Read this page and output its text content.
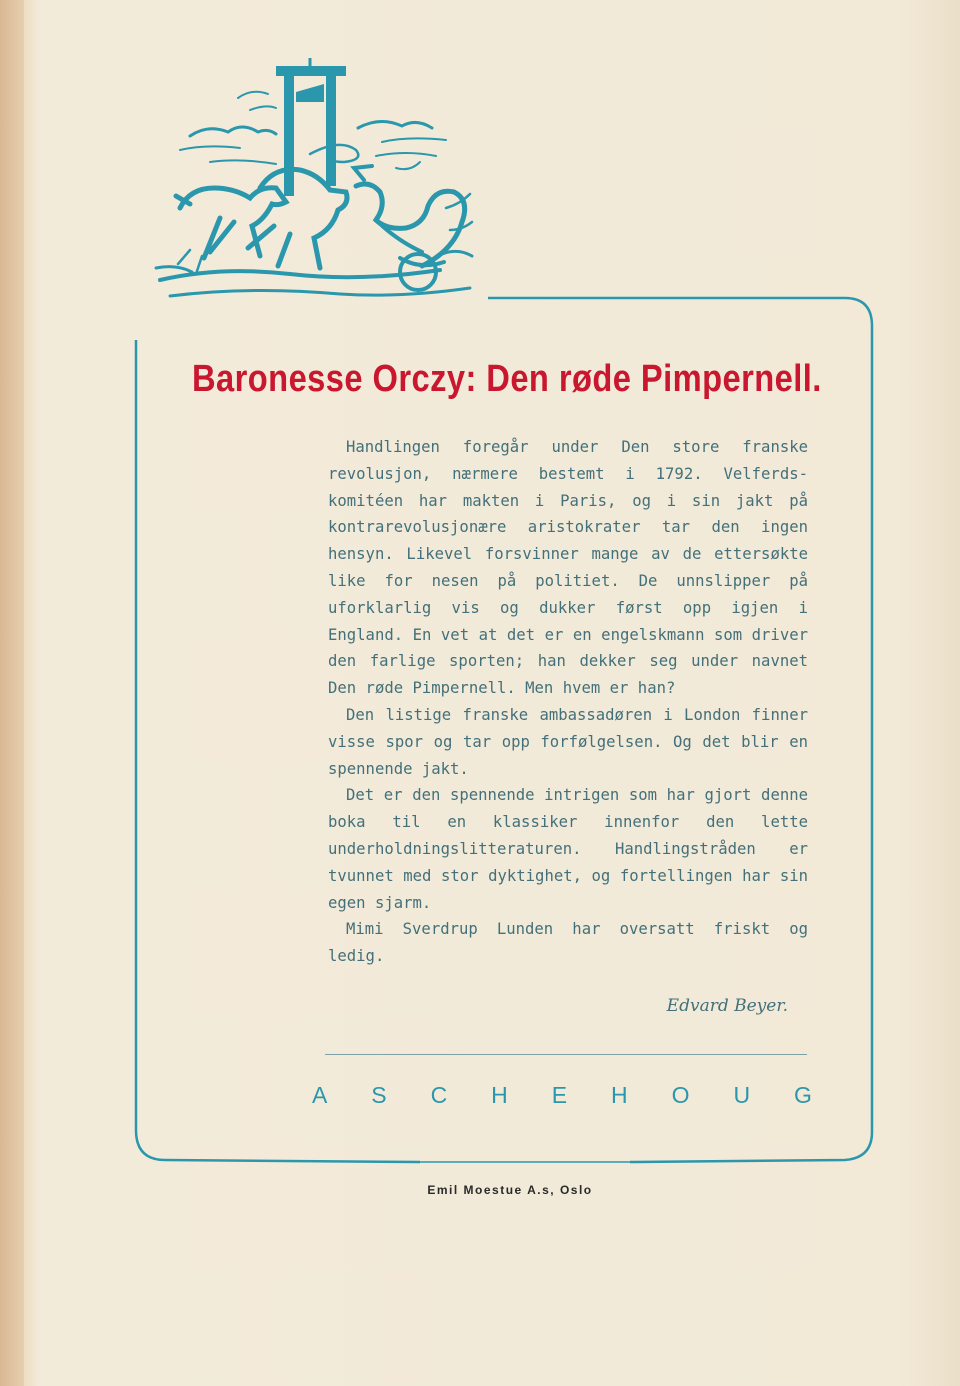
Baronesse Orczy: Den røde Pimpernell.

Handlingen foregår under Den store franske revolusjon, nærmere bestemt i 1792. Velferds-komitéen har makten i Paris, og i sin jakt på kontrarevolusjonære aristokrater tar den ingen hensyn. Likevel forsvinner mange av de ettersøkte like for nesen på politiet. De unnslipper på uforklarlig vis og dukker først opp igjen i England. En vet at det er en engelskmann som driver den farlige sporten; han dekker seg under navnet Den røde Pimpernell. Men hvem er han?

Den listige franske ambassadøren i London finner visse spor og tar opp forfølgelsen. Og det blir en spennende jakt.

Det er den spennende intrigen som har gjort denne boka til en klassiker innenfor den lette underholdningslitteraturen. Handlingstråden er tvunnet med stor dyktighet, og fortellingen har sin egen sjarm.

Mimi Sverdrup Lunden har oversatt friskt og ledig.

Edvard Beyer.
A S C H E H O U G
Emil Moestue A.s, Oslo
